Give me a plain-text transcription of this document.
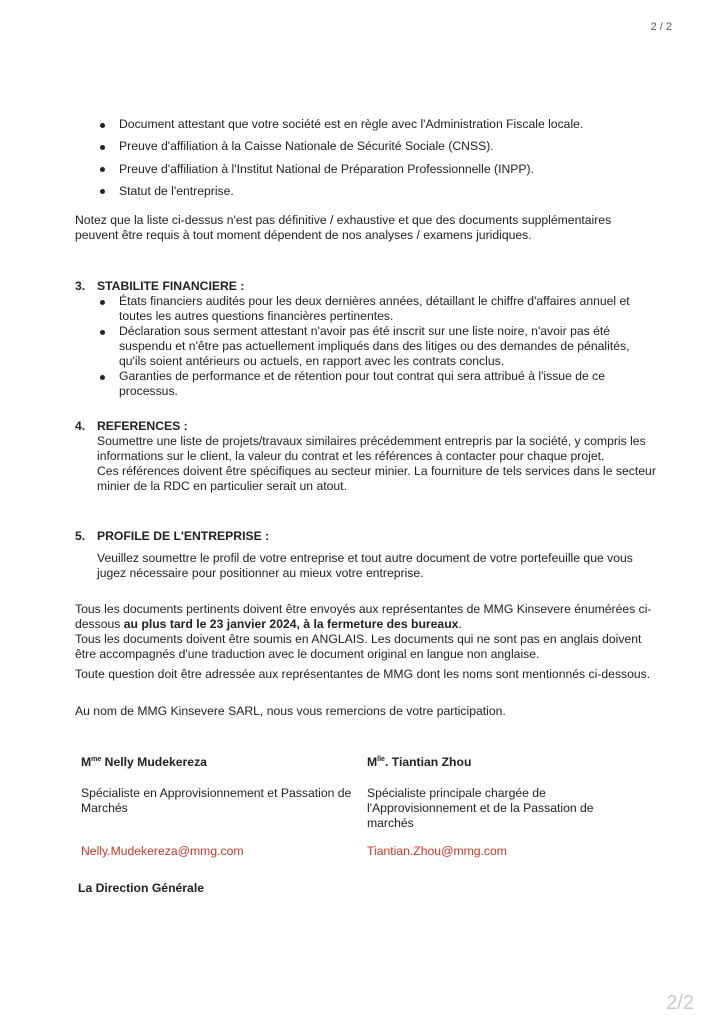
2 / 2
Document attestant que votre société est en règle avec l'Administration Fiscale locale.
Preuve d'affiliation à la Caisse Nationale de Sécurité Sociale (CNSS).
Preuve d'affiliation à l'Institut National de Préparation Professionnelle (INPP).
Statut de l'entreprise.
Notez que la liste ci-dessus n'est pas définitive / exhaustive et que des documents supplémentaires peuvent être requis à tout moment dépendent de nos analyses / examens juridiques.
3. STABILITE FINANCIERE :
États financiers audités pour les deux dernières années, détaillant le chiffre d'affaires annuel et toutes les autres questions financières pertinentes.
Déclaration sous serment attestant n'avoir pas été inscrit sur une liste noire, n'avoir pas été suspendu et n'être pas actuellement impliqués dans des litiges ou des demandes de pénalités, qu'ils soient antérieurs ou actuels, en rapport avec les contrats conclus.
Garanties de performance et de rétention pour tout contrat qui sera attribué à l'issue de ce processus.
4. REFERENCES :
Soumettre une liste de projets/travaux similaires précédemment entrepris par la société, y compris les informations sur le client, la valeur du contrat et les références à contacter pour chaque projet.
Ces références doivent être spécifiques au secteur minier. La fourniture de tels services dans le secteur minier de la RDC en particulier serait un atout.
5. PROFILE DE L'ENTREPRISE :
Veuillez soumettre le profil de votre entreprise et tout autre document de votre portefeuille que vous jugez nécessaire pour positionner au mieux votre entreprise.
Tous les documents pertinents doivent être envoyés aux représentantes de MMG Kinsevere énumérées ci-dessous au plus tard le 23 janvier 2024, à la fermeture des bureaux.
Tous les documents doivent être soumis en ANGLAIS. Les documents qui ne sont pas en anglais doivent être accompagnés d'une traduction avec le document original en langue non anglaise.
Toute question doit être adressée aux représentantes de MMG dont les noms sont mentionnés ci-dessous.
Au nom de MMG Kinsevere SARL, nous vous remercions de votre participation.
$M^{me}$ Nelly Mudekereza	$M^{lle}$. Tiantian Zhou
Spécialiste en Approvisionnement et Passation de Marchés
Spécialiste principale chargée de l'Approvisionnement et de la Passation de marchés
Nelly.Mudekereza@mmg.com	Tiantian.Zhou@mmg.com
La Direction Générale
2/2
